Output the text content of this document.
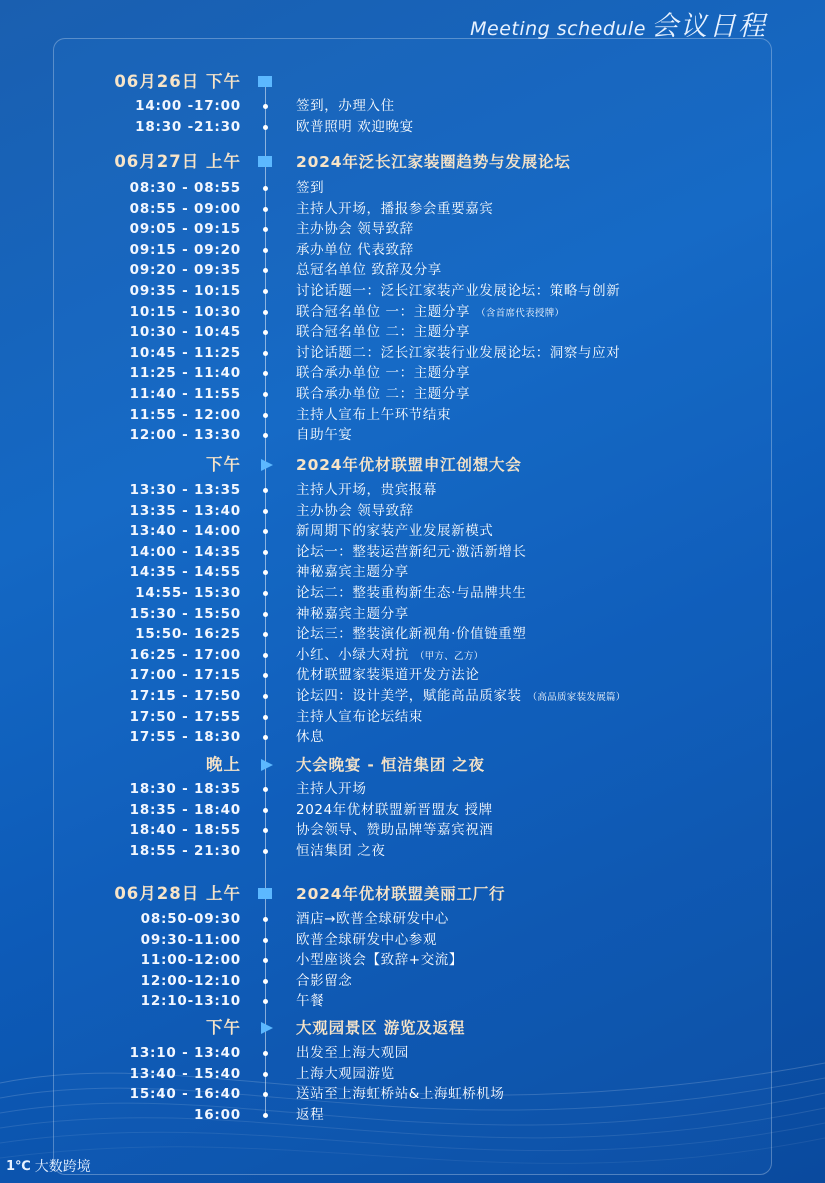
Meeting schedule 会议日程
06月26日 下午
14:00 -17:00	签到，办理入住
18:30 -21:30	欧普照明 欢迎晚宴
06月27日 上午	2024年泛长江家装圈趋势与发展论坛
08:30 - 08:55	签到
08:55 - 09:00	主持人开场，播报参会重要嘉宾
09:05 - 09:15	主办协会 领导致辞
09:15 - 09:20	承办单位 代表致辞
09:20 - 09:35	总冠名单位 致辞及分享
09:35 - 10:15	讨论话题一：泛长江家装产业发展论坛：策略与创新
10:15 - 10:30	联合冠名单位 一：主题分享 （含首席代表授牌）
10:30 - 10:45	联合冠名单位 二：主题分享
10:45 - 11:25	讨论话题二：泛长江家装行业发展论坛：洞察与应对
11:25 - 11:40	联合承办单位 一：主题分享
11:40 - 11:55	联合承办单位 二：主题分享
11:55 - 12:00	主持人宣布上午环节结束
12:00 - 13:30	自助午宴
下午	2024年优材联盟申江创想大会
13:30 - 13:35	主持人开场，贵宾报幕
13:35 - 13:40	主办协会 领导致辞
13:40 - 14:00	新周期下的家装产业发展新模式
14:00 - 14:35	论坛一：整装运营新纪元·激活新增长
14:35 - 14:55	神秘嘉宾主题分享
14:55- 15:30	论坛二：整装重构新生态·与品牌共生
15:30 - 15:50	神秘嘉宾主题分享
15:50- 16:25	论坛三：整装演化新视角·价值链重塑
16:25 - 17:00	小红、小绿大对抗 （甲方、乙方）
17:00 - 17:15	优材联盟家装渠道开发方法论
17:15 - 17:50	论坛四：设计美学，赋能高品质家装 （高品质家装发展篇）
17:50 - 17:55	主持人宣布论坛结束
17:55 - 18:30	休息
晚上	大会晚宴 - 恒洁集团 之夜
18:30 - 18:35	主持人开场
18:35 - 18:40	2024年优材联盟新晋盟友 授牌
18:40 - 18:55	协会领导、赞助品牌等嘉宾祝酒
18:55 - 21:30	恒洁集团 之夜
06月28日 上午	2024年优材联盟美丽工厂行
08:50-09:30	酒店→欧普全球研发中心
09:30-11:00	欧普全球研发中心参观
11:00-12:00	小型座谈会【致辞+交流】
12:00-12:10	合影留念
12:10-13:10	午餐
下午	大观园景区 游览及返程
13:10 - 13:40	出发至上海大观园
13:40 - 15:40	上海大观园游览
15:40 - 16:40	送站至上海虹桥站&上海虹桥机场
16:00	返程
1℃ 大数跨境
